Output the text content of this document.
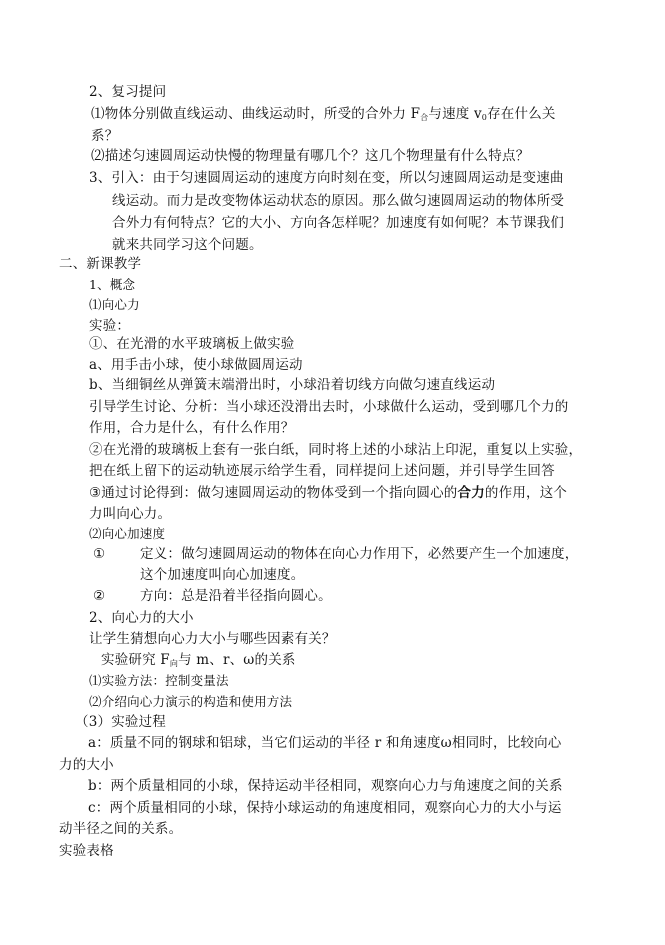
2、复习提问
⑴物体分别做直线运动、曲线运动时，所受的合外力 $F_合$与速度 $v_0$存在什么关
系？
⑵描述匀速圆周运动快慢的物理量有哪几个？这几个物理量有什么特点？
3、引入：由于匀速圆周运动的速度方向时刻在变，所以匀速圆周运动是变速曲
线运动。而力是改变物体运动状态的原因。那么做匀速圆周运动的物体所受
合外力有何特点？它的大小、方向各怎样呢？加速度有如何呢？本节课我们
就来共同学习这个问题。
二、新课教学
1、概念
⑴向心力
实验：
①、在光滑的水平玻璃板上做实验
a、用手击小球，使小球做圆周运动
b、当细铜丝从弹簧末端滑出时，小球沿着切线方向做匀速直线运动
引导学生讨论、分析：当小球还没滑出去时，小球做什么运动，受到哪几个力的
作用，合力是什么，有什么作用？
②在光滑的玻璃板上套有一张白纸，同时将上述的小球沾上印泥，重复以上实验，
把在纸上留下的运动轨迹展示给学生看，同样提问上述问题，并引导学生回答
③通过讨论得到：做匀速圆周运动的物体受到一个指向圆心的合力的作用，这个
力叫向心力。
⑵向心加速度
①	定义：做匀速圆周运动的物体在向心力作用下，必然要产生一个加速度，
这个加速度叫向心加速度。
②	方向：总是沿着半径指向圆心。
2、向心力的大小
让学生猜想向心力大小与哪些因素有关？
实验研究 $F_向$与 m、r、ω的关系
⑴实验方法：控制变量法
⑵介绍向心力演示的构造和使用方法
（3）实验过程
a：质量不同的钢球和铝球，当它们运动的半径 r 和角速度ω相同时，比较向心
力的大小
b：两个质量相同的小球，保持运动半径相同，观察向心力与角速度之间的关系
c：两个质量相同的小球，保持小球运动的角速度相同，观察向心力的大小与运
动半径之间的关系。
实验表格
